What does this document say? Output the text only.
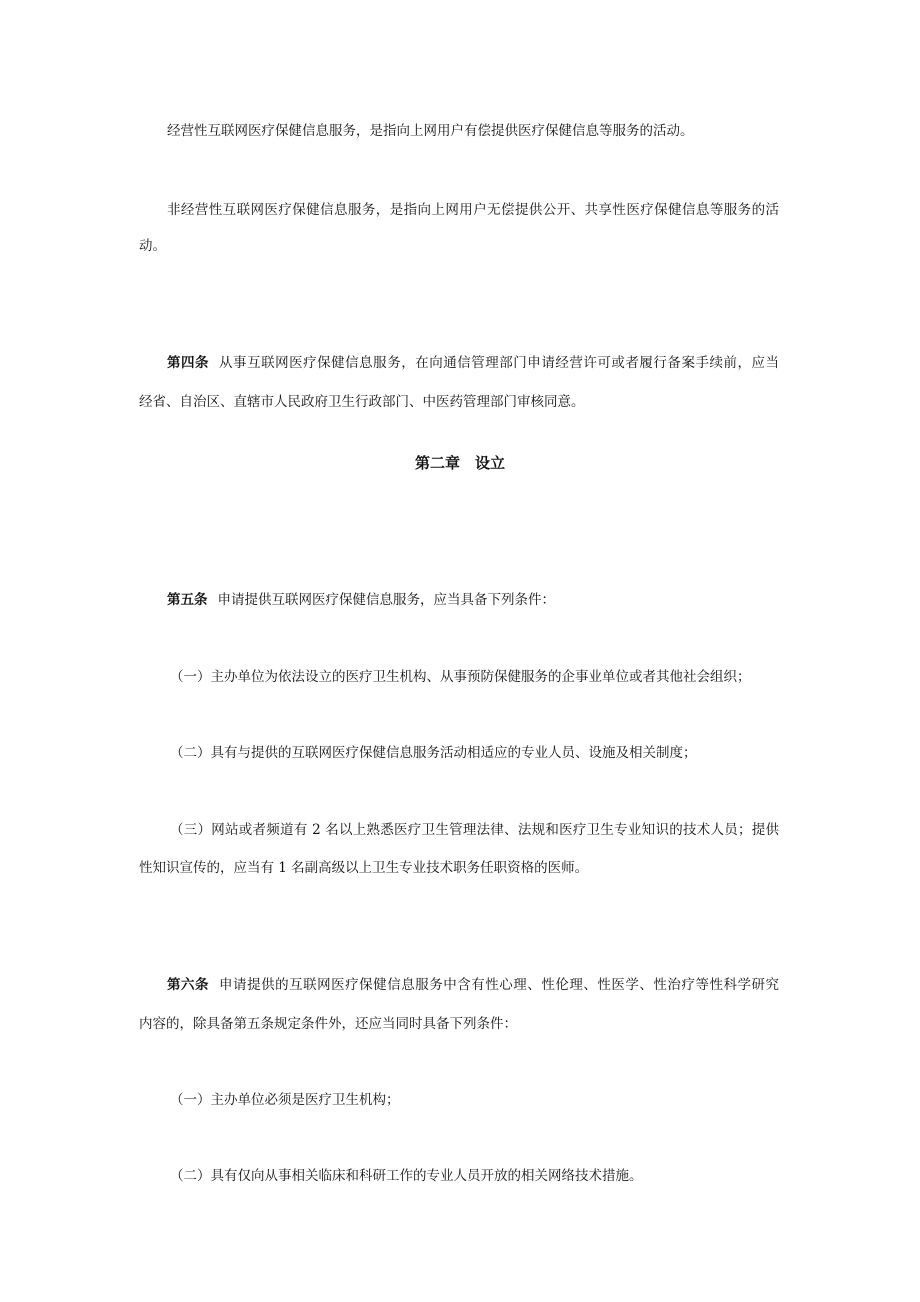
经营性互联网医疗保健信息服务，是指向上网用户有偿提供医疗保健信息等服务的活动。
非经营性互联网医疗保健信息服务，是指向上网用户无偿提供公开、共享性医疗保健信息等服务的活
动。
第四条 从事互联网医疗保健信息服务，在向通信管理部门申请经营许可或者履行备案手续前，应当
经省、自治区、直辖市人民政府卫生行政部门、中医药管理部门审核同意。
第二章　设立
第五条 申请提供互联网医疗保健信息服务，应当具备下列条件：
（一）主办单位为依法设立的医疗卫生机构、从事预防保健服务的企事业单位或者其他社会组织；
（二）具有与提供的互联网医疗保健信息服务活动相适应的专业人员、设施及相关制度；
（三）网站或者频道有 2 名以上熟悉医疗卫生管理法律、法规和医疗卫生专业知识的技术人员；提供
性知识宣传的，应当有 1 名副高级以上卫生专业技术职务任职资格的医师。
第六条 申请提供的互联网医疗保健信息服务中含有性心理、性伦理、性医学、性治疗等性科学研究
内容的，除具备第五条规定条件外，还应当同时具备下列条件：
（一）主办单位必须是医疗卫生机构；
（二）具有仅向从事相关临床和科研工作的专业人员开放的相关网络技术措施。
